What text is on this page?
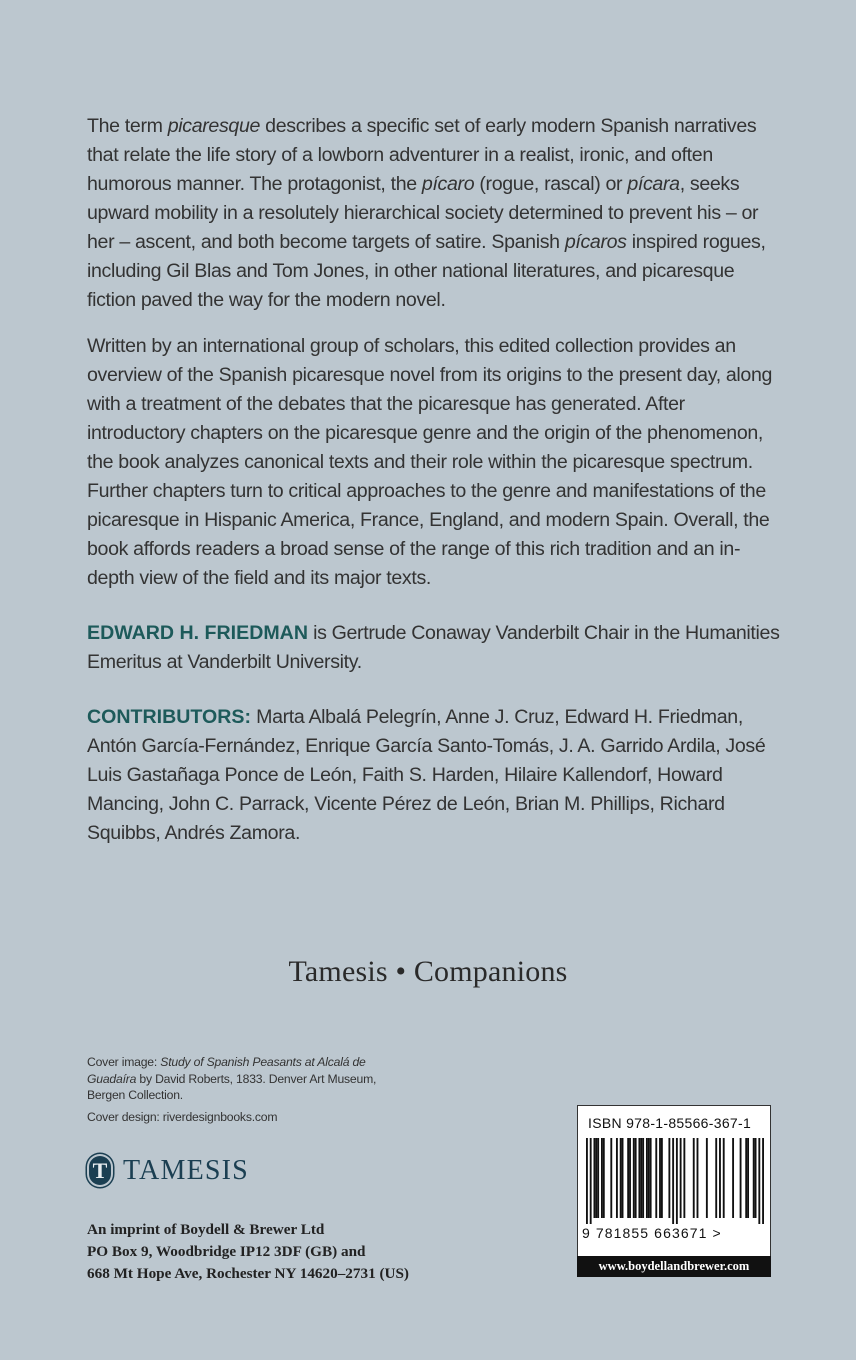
The term picaresque describes a specific set of early modern Spanish narratives that relate the life story of a lowborn adventurer in a realist, ironic, and often humorous manner. The protagonist, the pícaro (rogue, rascal) or pícara, seeks upward mobility in a resolutely hierarchical society determined to prevent his – or her – ascent, and both become targets of satire. Spanish pícaros inspired rogues, including Gil Blas and Tom Jones, in other national literatures, and picaresque fiction paved the way for the modern novel.

Written by an international group of scholars, this edited collection provides an overview of the Spanish picaresque novel from its origins to the present day, along with a treatment of the debates that the picaresque has generated. After introductory chapters on the picaresque genre and the origin of the phenomenon, the book analyzes canonical texts and their role within the picaresque spectrum. Further chapters turn to critical approaches to the genre and manifestations of the picaresque in Hispanic America, France, England, and modern Spain. Overall, the book affords readers a broad sense of the range of this rich tradition and an in-depth view of the field and its major texts.

EDWARD H. FRIEDMAN is Gertrude Conaway Vanderbilt Chair in the Humanities Emeritus at Vanderbilt University.

CONTRIBUTORS: Marta Albalá Pelegrín, Anne J. Cruz, Edward H. Friedman, Antón García-Fernández, Enrique García Santo-Tomás, J. A. Garrido Ardila, José Luis Gastañaga Ponce de León, Faith S. Harden, Hilaire Kallendorf, Howard Mancing, John C. Parrack, Vicente Pérez de León, Brian M. Phillips, Richard Squibbs, Andrés Zamora.

Tamesis • Companions

Cover image: Study of Spanish Peasants at Alcalá de Guadaíra by David Roberts, 1833. Denver Art Museum, Bergen Collection.

Cover design: riverdesignbooks.com

T TAMESIS
An imprint of Boydell & Brewer Ltd
PO Box 9, Woodbridge IP12 3DF (GB) and
668 Mt Hope Ave, Rochester NY 14620–2731 (US)
ISBN 978-1-85566-367-1
9 781855 663671 >
www.boydellandbrewer.com
